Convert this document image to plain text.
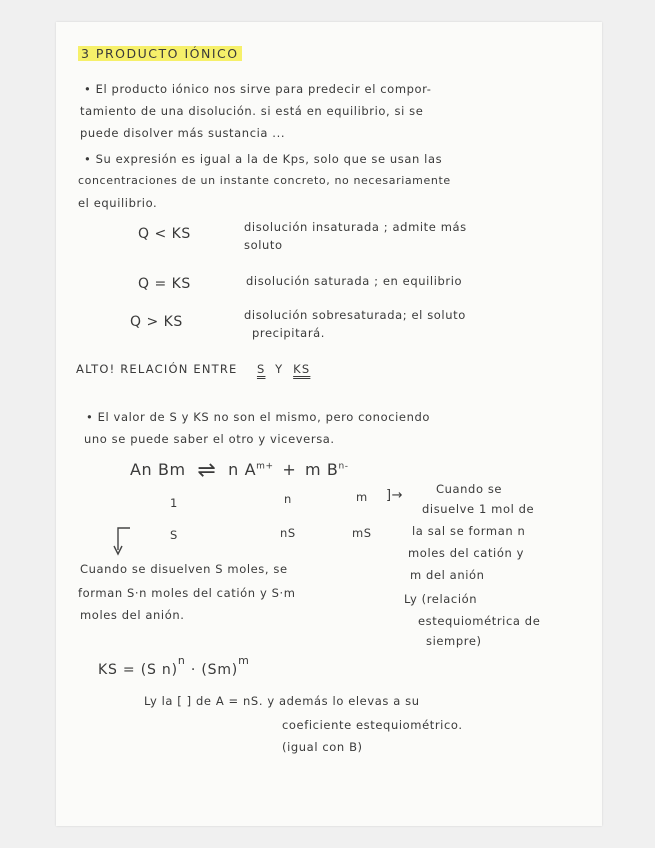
3 PRODUCTO IÓNICO
• El producto iónico nos sirve para predecir el compor-
tamiento de una disolución. si está en equilibrio, si se
puede disolver más sustancia ...
• Su expresión es igual a la de Kps, solo que se usan las
concentraciones de un instante concreto, no necesariamente
el equilibrio.
Q < KS	disolución insaturada ; admite más
soluto
Q = KS	disolución saturada ; en equilibrio
Q > KS	disolución sobresaturada; el soluto
precipitará.
ALTO! RELACIÓN ENTRE S Y KS
• El valor de S y KS no son el mismo, pero conociendo
uno se puede saber el otro y viceversa.
An Bm ⇌ n $A^{m+} + m$ $B^{n-}$
1	n	m ]→
S	nS	mS
Cuando se
disuelve 1 mol de
la sal se forman n
moles del catión y
m del anión
Ly (relación
estequiométrica de
siempre)
Cuando se disuelven S moles, se
forman S·n moles del catión y S·m
moles del anión.
KS = (S $n)^n \cdot (Sm)^m$
Ly la [ ] de A = nS. y además lo elevas a su
coeficiente estequiométrico.
(igual con B)
